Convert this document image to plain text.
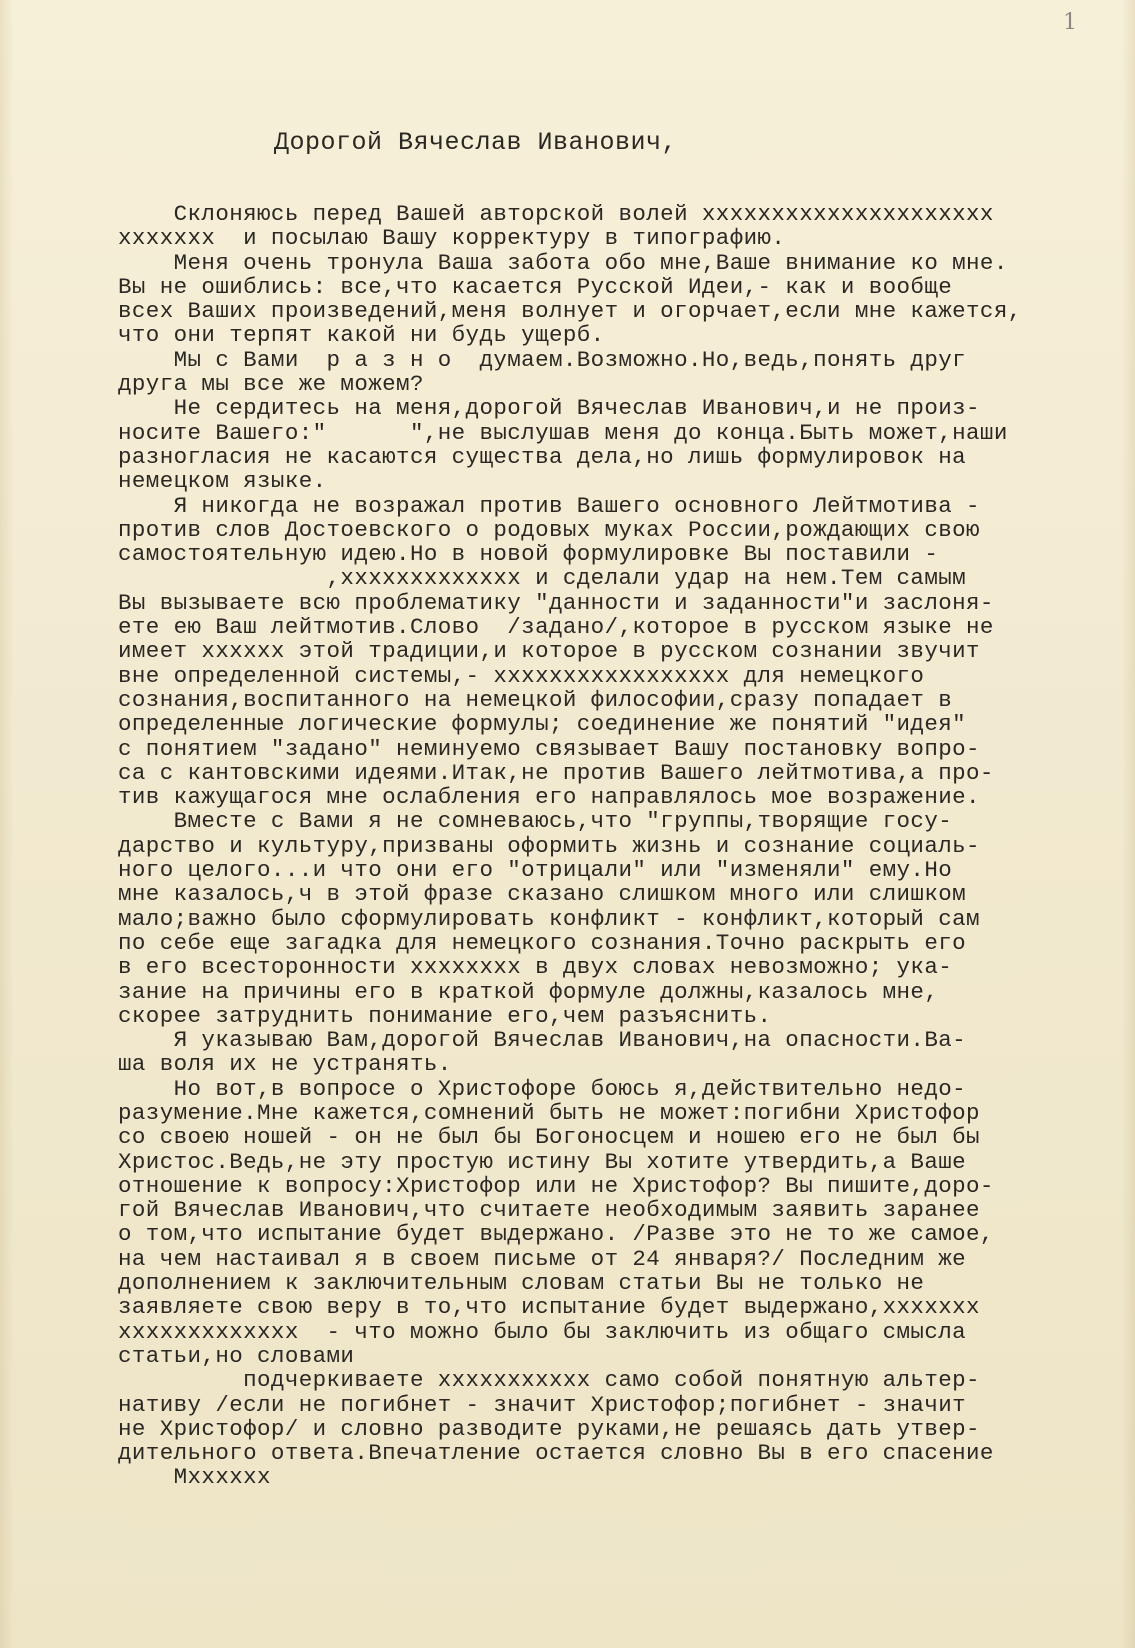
1
Дорогой Вячеслав Иванович,
Склоняюсь перед Вашей авторской волей xxxxxxxxxxxxxxxxxxxxx
xxxxxxx  и посылаю Вашу корректуру в типографию.
Меня очень тронула Ваша забота обо мне,Ваше внимание ко мне.
Вы не ошиблись: все,что касается Русской Идеи,- как и вообще
всех Ваших произведений,меня волнует и огорчает,если мне кажется,
что они терпят какой ни будь ущерб.
Мы с Вами  р а з н о  думаем.Возможно.Но,ведь,понять друг
друга мы все же можем?
Не сердитесь на меня,дорогой Вячеслав Иванович,и не произ-
носите Вашего:"      ",не выслушав меня до конца.Быть может,наши
разногласия не касаются существа дела,но лишь формулировок на
немецком языке.
Я никогда не возражал против Вашего основного Лейтмотива -
против слов Достоевского о родовых муках России,рождающих свою
самостоятельную идею.Но в новой формулировке Вы поставили -
,xxxxxxxxxxxxx и сделали удар на нем.Тем самым
Вы вызываете всю проблематику "данности и заданности"и заслоня-
ете ею Ваш лейтмотив.Слово  /задано/,которое в русском языке не
имеет xxxxxx этой традиции,и которое в русском сознании звучит
вне определенной системы,- xxxxxxxxxxxxxxxxx для немецкого
сознания,воспитанного на немецкой философии,сразу попадает в
определенные логические формулы; соединение же понятий "идея"
с понятием "задано" неминуемо связывает Вашу постановку вопро-
са с кантовскими идеями.Итак,не против Вашего лейтмотива,а про-
тив кажущагося мне ослабления его направлялось мое возражение.
Вместе с Вами я не сомневаюсь,что "группы,творящие госу-
дарство и культуру,призваны оформить жизнь и сознание социаль-
ного целого...и что они его "отрицали" или "изменяли" ему.Но
мне казалось,ч в этой фразе сказано слишком много или слишком
мало;важно было сформулировать конфликт - конфликт,который сам
по себе еще загадка для немецкого сознания.Точно раскрыть его
в его всесторонности xxxxxxxx в двух словах невозможно; ука-
зание на причины его в краткой формуле должны,казалось мне,
скорее затруднить понимание его,чем разъяснить.
Я указываю Вам,дорогой Вячеслав Иванович,на опасности.Ва-
ша воля их не устранять.
Но вот,в вопросе о Христофоре боюсь я,действительно недо-
разумение.Мне кажется,сомнений быть не может:погибни Христофор
со своею ношей - он не был бы Богоносцем и ношею его не был бы
Христос.Ведь,не эту простую истину Вы хотите утвердить,а Ваше
отношение к вопросу:Христофор или не Христофор? Вы пишите,доро-
гой Вячеслав Иванович,что считаете необходимым заявить заранее
о том,что испытание будет выдержано. /Разве это не то же самое,
на чем настаивал я в своем письме от 24 января?/ Последним же
дополнением к заключительным словам статьи Вы не только не
заявляете свою веру в то,что испытание будет выдержано,xxxxxxx
xxxxxxxxxxxxx  - что можно было бы заключить из общаго смысла
статьи,но словами
подчеркиваете xxxxxxxxxxx само собой понятную альтер-
нативу /если не погибнет - значит Христофор;погибнет - значит
не Христофор/ и словно разводите руками,не решаясь дать утвер-
дительного ответа.Впечатление остается словно Вы в его спасение
Мxxxxxx
